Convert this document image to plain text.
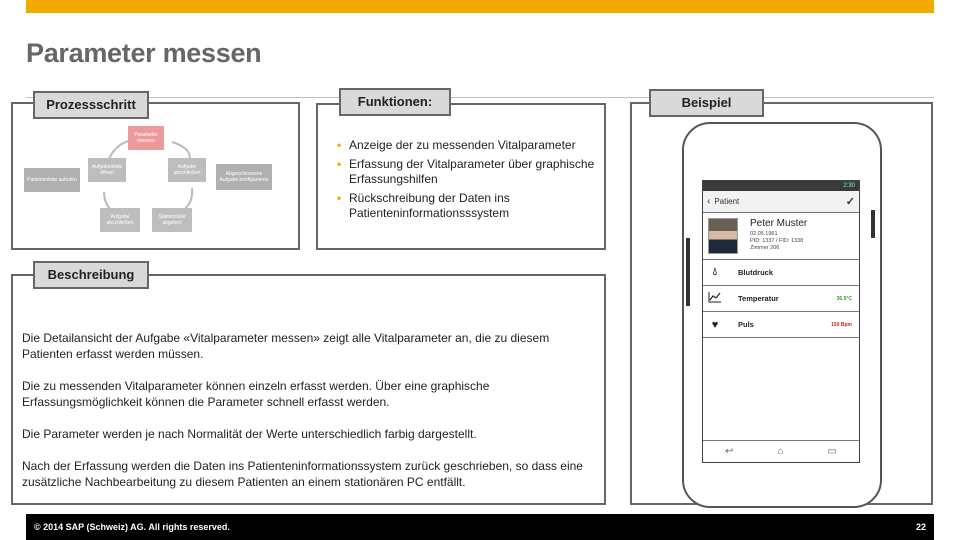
Parameter messen
Prozessschritt
Parameter messen
Aufgabe abschließen	Abgeschlossene Aufgabe konfigurieren
Stationsliste abgeben
Aufgabe abschließen
Aufgabenliste öffnen
Patientenliste aufrufen
Funktionen:
• Anzeige der zu messenden Vitalparameter
• Erfassung der Vitalparameter über graphische Erfassungshilfen
• Rückschreibung der Daten ins Patienteninformationsssystem
Beispiel
2:30
‹ Patient	✓
Peter Muster
02.05.1961
PID: 1337 / FID: 1338
Zimmer 206
💧︎	Blutdruck
Temperatur	36.5°C
♥	Puls	150 Bpm
↩	⌂	▭
Beschreibung

Die Detailansicht der Aufgabe «Vitalparameter messen» zeigt alle Vitalparameter an, die zu diesem Patienten erfasst werden müssen.

Die zu messenden Vitalparameter können einzeln erfasst werden. Über eine graphische Erfassungsmöglichkeit können die Parameter schnell erfasst werden.

Die Parameter werden je nach Normalität der Werte unterschiedlich farbig dargestellt.

Nach der Erfassung werden die Daten ins Patienteninformationssystem zurück geschrieben, so dass eine zusätzliche Nachbearbeitung zu diesem Patienten an einem stationären PC entfällt.

© 2014 SAP (Schweiz) AG. All rights reserved.	22
